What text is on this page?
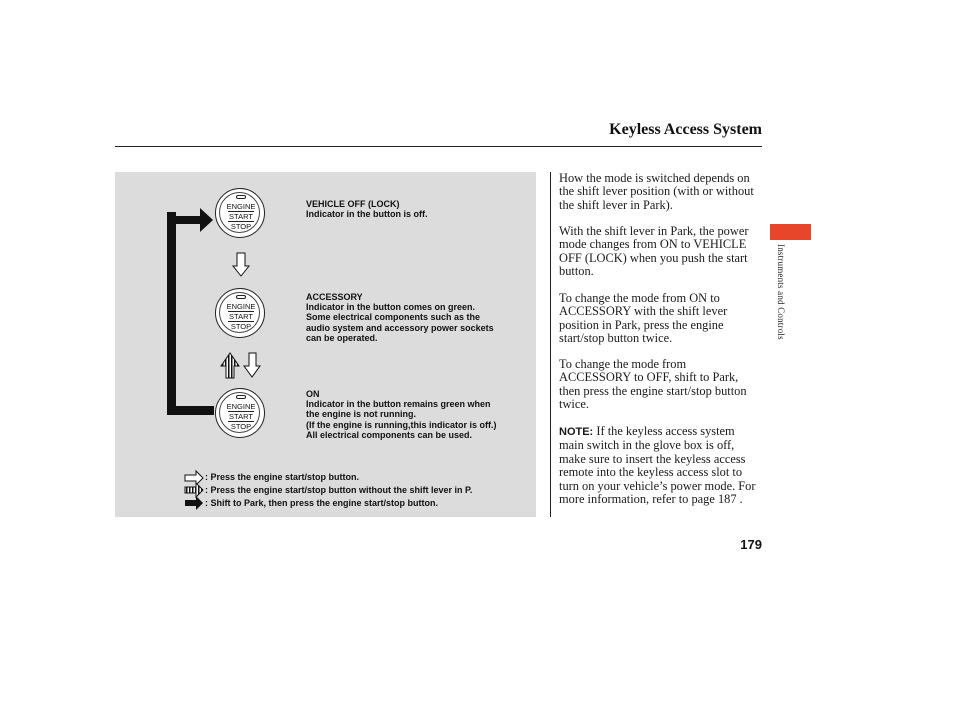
Keyless Access System
Instruments and Controls
ENGINE
START
STOP
ENGINE
START
STOP
ENGINE
START
STOP
VEHICLE OFF (LOCK)
Indicator in the button is off.
ACCESSORY
Indicator in the button comes on green.
Some electrical components such as the
audio system and accessory power sockets
can be operated.
ON
Indicator in the button remains green when
the engine is not running.
(If the engine is running,this indicator is off.)
All electrical components can be used.
: Press the engine start/stop button.
: Press the engine start/stop button without the shift lever in P.
: Shift to Park, then press the engine start/stop button.
How the mode is switched depends on the shift lever position (with or without the shift lever in Park).
With the shift lever in Park, the power mode changes from ON to VEHICLE OFF (LOCK) when you push the start button.
To change the mode from ON to ACCESSORY with the shift lever position in Park, press the engine start/stop button twice.
To change the mode from ACCESSORY to OFF, shift to Park, then press the engine start/stop button twice.
NOTE: If the keyless access system main switch in the glove box is off, make sure to insert the keyless access remote into the keyless access slot to turn on your vehicle’s power mode. For more information, refer to page 187 .
179
